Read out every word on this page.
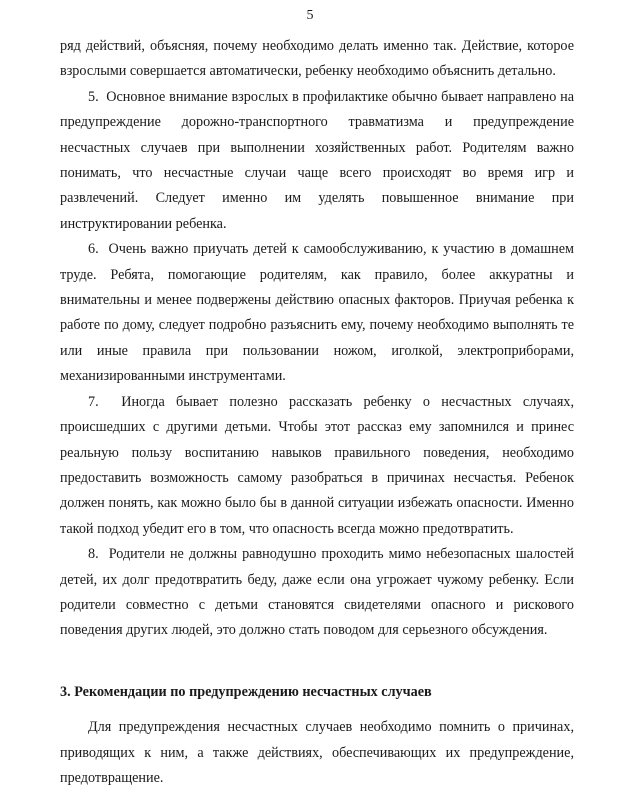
5

ряд действий, объясняя, почему необходимо делать именно так. Действие, которое взрослыми совершается автоматически, ребенку необходимо объяснить детально.

5.  Основное внимание взрослых в профилактике обычно бывает направлено на предупреждение дорожно-транспортного травматизма и предупреждение несчастных случаев при выполнении хозяйственных работ. Родителям важно понимать, что несчастные случаи чаще всего происходят во время игр и развлечений. Следует именно им уделять повышенное внимание при инструктировании ребенка.

6.  Очень важно приучать детей к самообслуживанию, к участию в домашнем труде. Ребята, помогающие родителям, как правило, более аккуратны и внимательны и менее подвержены действию опасных факторов. Приучая ребенка к работе по дому, следует подробно разъяснить ему, почему необходимо выполнять те или иные правила при пользовании ножом, иголкой, электроприборами, механизированными инструментами.

7.  Иногда бывает полезно рассказать ребенку о несчастных случаях, происшедших с другими детьми. Чтобы этот рассказ ему запомнился и принес реальную пользу воспитанию навыков правильного поведения, необходимо предоставить возможность самому разобраться в причинах несчастья. Ребенок должен понять, как можно было бы в данной ситуации избежать опасности. Именно такой подход убедит его в том, что опасность всегда можно предотвратить.

8.  Родители не должны равнодушно проходить мимо небезопасных шалостей детей, их долг предотвратить беду, даже если она угрожает чужому ребенку. Если родители совместно с детьми становятся свидетелями опасного и рискового поведения других людей, это должно стать поводом для серьезного обсуждения.

3. Рекомендации по предупреждению несчастных случаев

Для предупреждения несчастных случаев необходимо помнить о причинах, приводящих к ним, а также действиях, обеспечивающих их предупреждение, предотвращение.
